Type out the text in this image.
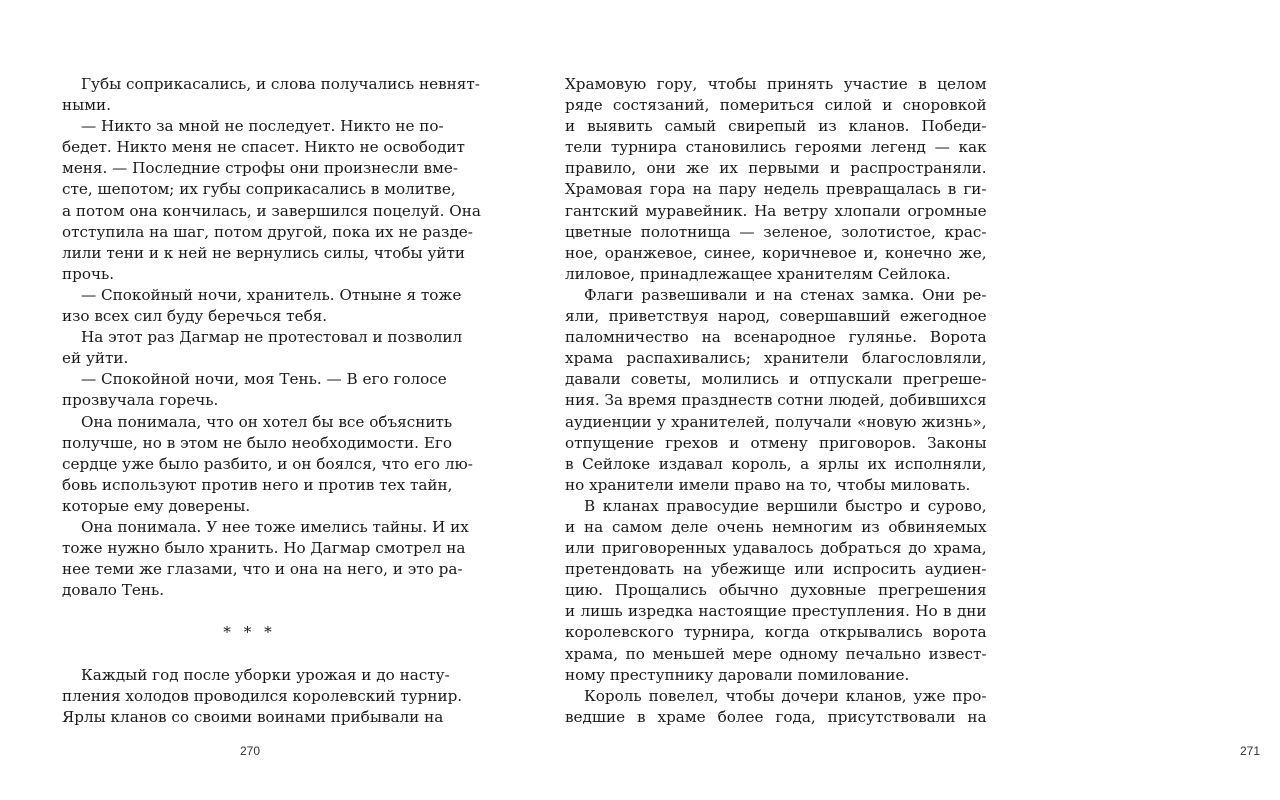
Губы соприкасались, и слова получались невнят-
ными.
— Никто за мной не последует. Никто не по-
бедет. Никто меня не спасет. Никто не освободит
меня. — Последние строфы они произнесли вме-
сте, шепотом; их губы соприкасались в молитве,
а потом она кончилась, и завершился поцелуй. Она
отступила на шаг, потом другой, пока их не разде-
лили тени и к ней не вернулись силы, чтобы уйти
прочь.
— Спокойный ночи, хранитель. Отныне я тоже
изо всех сил буду беречься тебя.
На этот раз Дагмар не протестовал и позволил
ей уйти.
— Спокойной ночи, моя Тень. — В его голосе
прозвучала горечь.
Она понимала, что он хотел бы все объяснить
получше, но в этом не было необходимости. Его
сердце уже было разбито, и он боялся, что его лю-
бовь используют против него и против тех тайн,
которые ему доверены.
Она понимала. У нее тоже имелись тайны. И их
тоже нужно было хранить. Но Дагмар смотрел на
нее теми же глазами, что и она на него, и это ра-
довало Тень.
* * *
Каждый год после уборки урожая и до насту-
пления холодов проводился королевский турнир.
Ярлы кланов со своими воинами прибывали на
270	271
Храмовую гору, чтобы принять участие в целом
ряде состязаний, помериться силой и сноровкой
и выявить самый свирепый из кланов. Победи-
тели турнира становились героями легенд — как
правило, они же их первыми и распространяли.
Храмовая гора на пару недель превращалась в ги-
гантский муравейник. На ветру хлопали огромные
цветные полотнища — зеленое, золотистое, крас-
ное, оранжевое, синее, коричневое и, конечно же,
лиловое, принадлежащее хранителям Сейлока.
Флаги развешивали и на стенах замка. Они ре-
яли, приветствуя народ, совершавший ежегодное
паломничество на всенародное гулянье. Ворота
храма распахивались; хранители благословляли,
давали советы, молились и отпускали прегреше-
ния. За время празднеств сотни людей, добившихся
аудиенции у хранителей, получали «новую жизнь»,
отпущение грехов и отмену приговоров. Законы
в Сейлоке издавал король, а ярлы их исполняли,
но хранители имели право на то, чтобы миловать.
В кланах правосудие вершили быстро и сурово,
и на самом деле очень немногим из обвиняемых
или приговоренных удавалось добраться до храма,
претендовать на убежище или испросить аудиен-
цию. Прощались обычно духовные прегрешения
и лишь изредка настоящие преступления. Но в дни
королевского турнира, когда открывались ворота
храма, по меньшей мере одному печально извест-
ному преступнику даровали помилование.
Король повелел, чтобы дочери кланов, уже про-
ведшие в храме более года, присутствовали на
